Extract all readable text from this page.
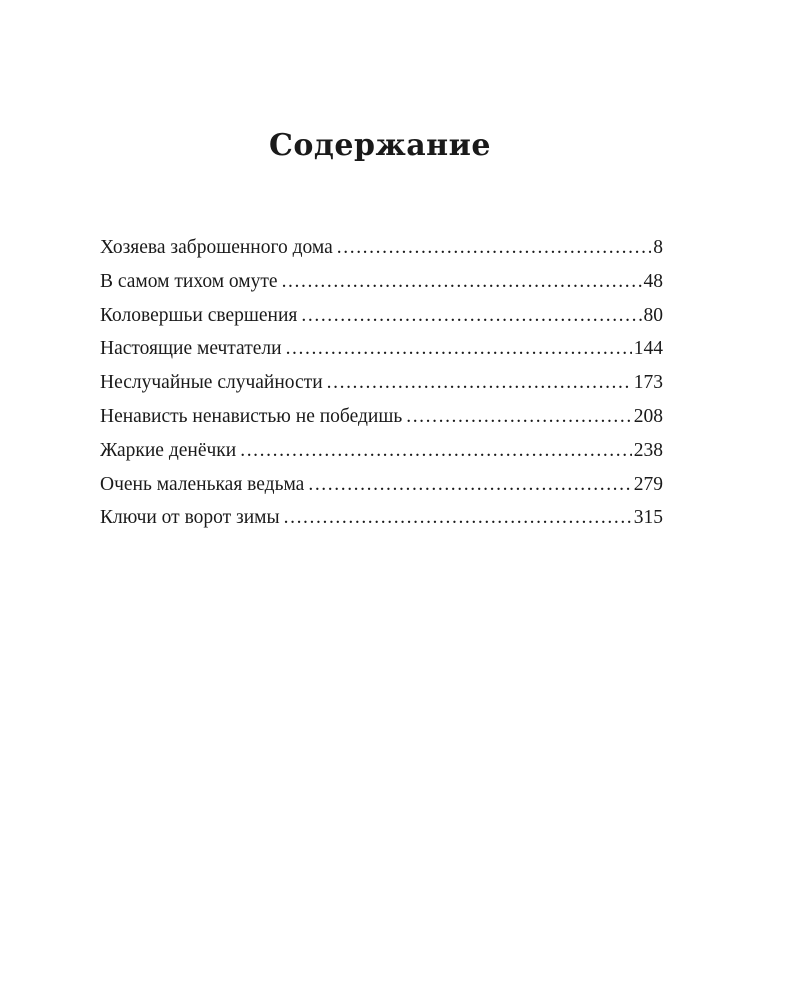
Содержание
Хозяева заброшенного дома .....	8
В самом тихом омуте .....	48
Коловершьи свершения .....	80
Настоящие мечтатели .....	144
Неслучайные случайности .....	173
Ненависть ненавистью не победишь .....	208
Жаркие денёчки .....	238
Очень маленькая ведьма .....	279
Ключи от ворот зимы .....	315
